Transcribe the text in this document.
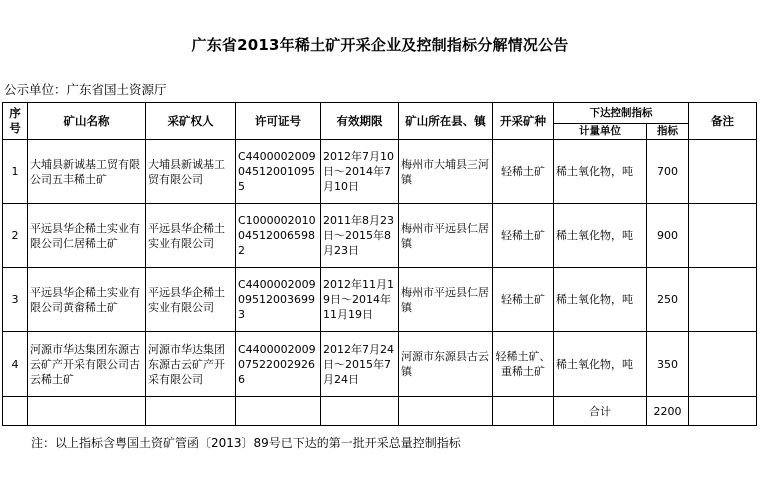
广东省2013年稀土矿开采企业及控制指标分解情况公告
公示单位：广东省国土资源厅
序号	矿山名称	采矿权人	许可证号	有效期限	矿山所在县、镇	开采矿种	下达控制指标		备注
							计量单位	指标	
1	大埔县新诚基工贸有限公司五丰稀土矿	大埔县新诚基工贸有限公司	C4400002009045120010955	2012年7月10日～2014年7月10日	梅州市大埔县三河镇	轻稀土矿	稀土氧化物，吨	700	
2	平远县华企稀土实业有限公司仁居稀土矿	平远县华企稀土实业有限公司	C1000002010045120065982	2011年8月23日～2015年8月23日	梅州市平远县仁居镇	轻稀土矿	稀土氧化物，吨	900	
3	平远县华企稀土实业有限公司黄畲稀土矿	平远县华企稀土实业有限公司	C4400002009095120036993	2012年11月19日～2014年11月19日	梅州市平远县仁居镇	轻稀土矿	稀土氧化物，吨	250	
4	河源市华达集团东源古云矿产开采有限公司古云稀土矿	河源市华达集团东源古云矿产开采有限公司	C4400002009075220029266	2012年7月24日～2015年7月24日	河源市东源县古云镇	轻稀土矿、重稀土矿	稀土氧化物，吨	350	
							合计	2200	
注：以上指标含粤国土资矿管函〔2013〕89号已下达的第一批开采总量控制指标
